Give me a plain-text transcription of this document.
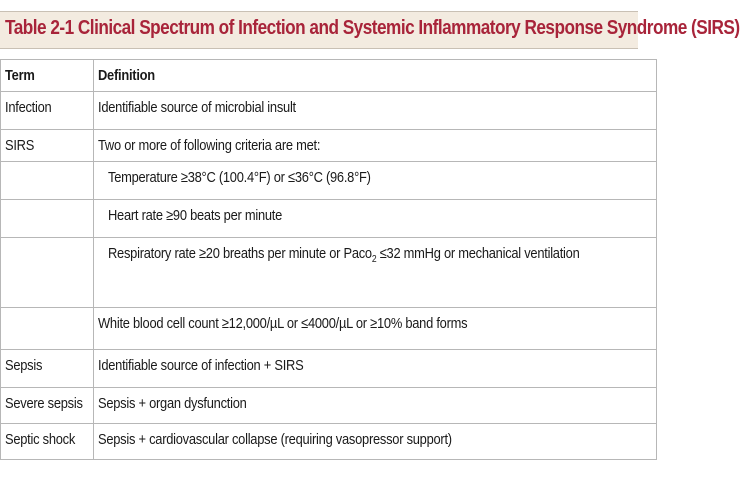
Table 2-1 Clinical Spectrum of Infection and Systemic Inflammatory Response Syndrome (SIRS)
Term	Definition
Infection	Identifiable source of microbial insult
SIRS	Two or more of following criteria are met:
	Temperature ≥38°C (100.4°F) or ≤36°C (96.8°F)
	Heart rate ≥90 beats per minute
	Respiratory rate ≥20 breaths per minute or Paco$_2$ ≤32 mmHg or mechanical ventilation
	White blood cell count ≥12,000/µL or ≤4000/µL or ≥10% band forms
Sepsis	Identifiable source of infection + SIRS
Severe sepsis	Sepsis + organ dysfunction
Septic shock	Sepsis + cardiovascular collapse (requiring vasopressor support)
